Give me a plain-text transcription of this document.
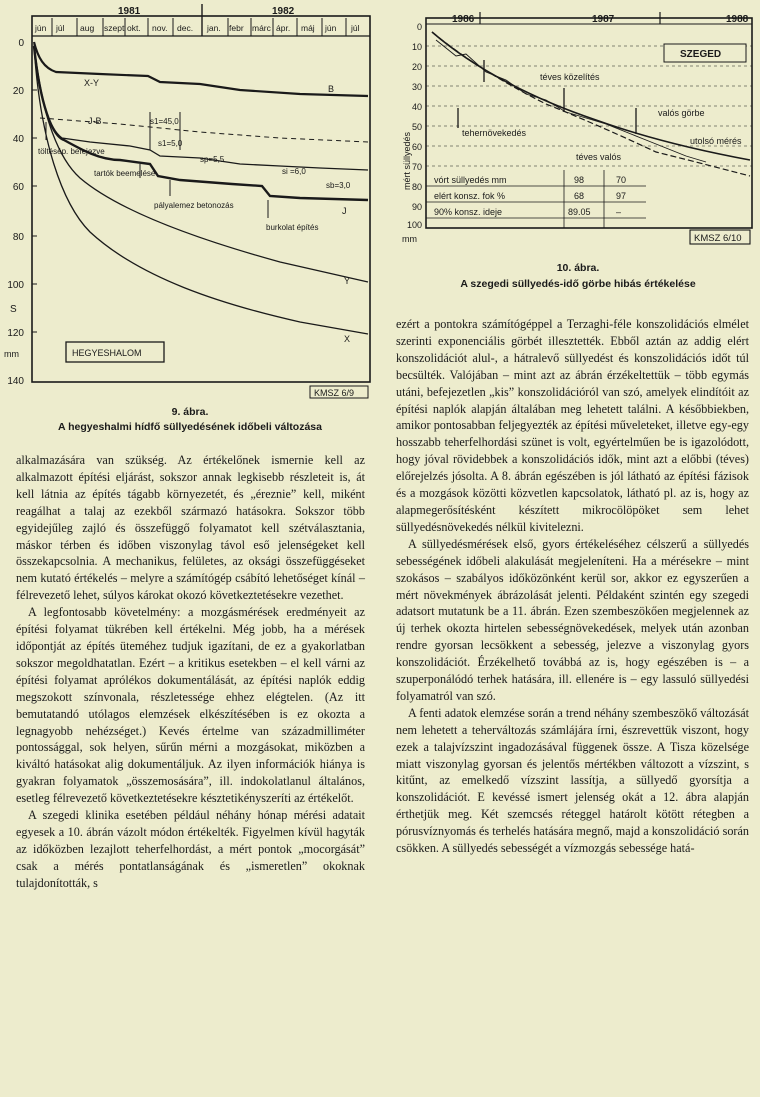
1981	1982
jún júl aug szept okt. nov. dec. jan. febr márc ápr. máj jún júl
0
20
40
60
80
100
120
140
S
mm
X-Y
B
J-B
Y
X
J
töltésép. befejezve
tartók beemelése
pályalemez betonozás
burkolat építés
s1=45,0
s1=5,0
sp=5,5
si =6,0
sb=3,0
HEGYESHALOM
KMSZ 6/9
9. ábra.
A hegyeshalmi hídfő süllyedésének időbeli változása
1986	1987	1988
0
10
20
30
40
50
60
70
80
90
100
mm
mért süllyedés
SZEGED
téves közelítés
valós görbe
utolsó mérés
tehernövekedés
téves valós
vórt süllyedés mm	98	70
elért konsz. fok %	68	97
90% konsz. ideje	89.05	–
KMSZ 6/10
10. ábra.
A szegedi süllyedés-idő görbe hibás értékelése

alkalmazására van szükség. Az értékelőnek ismernie kell az alkalmazott építési eljárást, sokszor annak legkisebb részleteit is, át kell látnia az építés tágabb környezetét, és „éreznie” kell, miként reagálhat a talaj az ezekből származó hatásokra. Sokszor több egyidejűleg zajló és összefüggő folyamatot kell szétválasztania, máskor térben és időben viszonylag távol eső jelenségeket kell összekapcsolnia. A mechanikus, felületes, az oksági összefüggéseket nem kutató értékelés – melyre a számítógép csábító lehetőséget kínál – félrevezető lehet, súlyos károkat okozó következtetésekre vezethet.

A legfontosabb követelmény: a mozgásmérések eredményeit az építési folyamat tükrében kell értékelni. Még jobb, ha a mérések időpontját az építés üteméhez tudjuk igazítani, de ez a gyakorlatban sokszor megoldhatatlan. Ezért – a kritikus esetekben – el kell várni az építési folyamat aprólékos dokumentálását, az építési naplók eddig megszokott színvonala, részletessége ehhez elégtelen. (Az itt bemutatandó utólagos elemzések elkészítésében is ez okozta a legnagyobb nehézséget.) Kevés értelme van századmilliméter pontossággal, sok helyen, sűrűn mérni a mozgásokat, miközben a kiváltó hatásokat alig dokumentáljuk. Az ilyen információk hiánya is gyakran folyamatok „összemosására”, ill. indokolatlanul általános, esetleg félrevezető következtetésekre késztetikényszeríti az értékelőt.

A szegedi klinika esetében például néhány hónap mérési adatait egyesek a 10. ábrán vázolt módon értékelték. Figyelmen kívül hagyták az időközben lezajlott teherfelhordást, a mért pontok „mocorgását” csak a mérés pontatlanságának és „ismeretlen” okoknak tulajdonították, s

ezért a pontokra számítógéppel a Terzaghi-féle konszolidációs elmélet szerinti exponenciális görbét illesztették. Ebből aztán az addig elért konszolidációt alul-, a hátralevő süllyedést és konszolidációs időt túl becsülték. Valójában – mint azt az ábrán érzékeltettük – több egymás utáni, befejezetlen „kis” konszolidációról van szó, amelyek elindítóit az építési naplók alapján általában meg lehetett találni. A későbbiekben, amikor pontosabban feljegyezték az építési műveleteket, illetve egy-egy hosszabb teherfelhordási szünet is volt, egyértelműen be is igazolódott, hogy jóval rövidebbek a konszolidációs idők, mint azt a előbbi (téves) előrejelzés jósolta. A 8. ábrán egészében is jól látható az építési fázisok és a mozgások közötti közvetlen kapcsolatok, látható pl. az is, hogy az alapmegerősítésként készített mikrocölöpöket sem lehet süllyedésnövekedés nélkül kivitelezni.

A süllyedésmérések első, gyors értékeléséhez célszerű a süllyedés sebességének időbeli alakulását megjeleníteni. Ha a mérésekre – mint szokásos – szabályos időközönként kerül sor, akkor ez egyszerűen a mért növekmények ábrázolását jelenti. Példaként szintén egy szegedi adatsort mutatunk be a 11. ábrán. Ezen szembeszökően megjelennek az új terhek okozta hirtelen sebességnövekedések, melyek után azonban rendre gyorsan lecsökkent a sebesség, jelezve a viszonylag gyors konszolidációt. Érzékelhető továbbá az is, hogy egészében is – a szuperponálódó terhek hatására, ill. ellenére is – egy lassuló süllyedési folyamatról van szó.

A fenti adatok elemzése során a trend néhány szembeszökő változását nem lehetett a teherváltozás számlájára írni, észrevettük viszont, hogy ezek a talajvízszint ingadozásával függenek össze. A Tisza közelsége miatt viszonylag gyorsan és jelentős mértékben változott a vízszint, s kitűnt, az emelkedő vízszint lassítja, a süllyedő gyorsítja a konszolidációt. E kevéssé ismert jelenség okát a 12. ábra alapján érthetjük meg. Két szemcsés réteggel határolt kötött rétegben a pórusvíznyomás és terhelés hatására megnő, majd a konszolidáció során csökken. A süllyedés sebességét a vízmozgás sebessége hatá-
